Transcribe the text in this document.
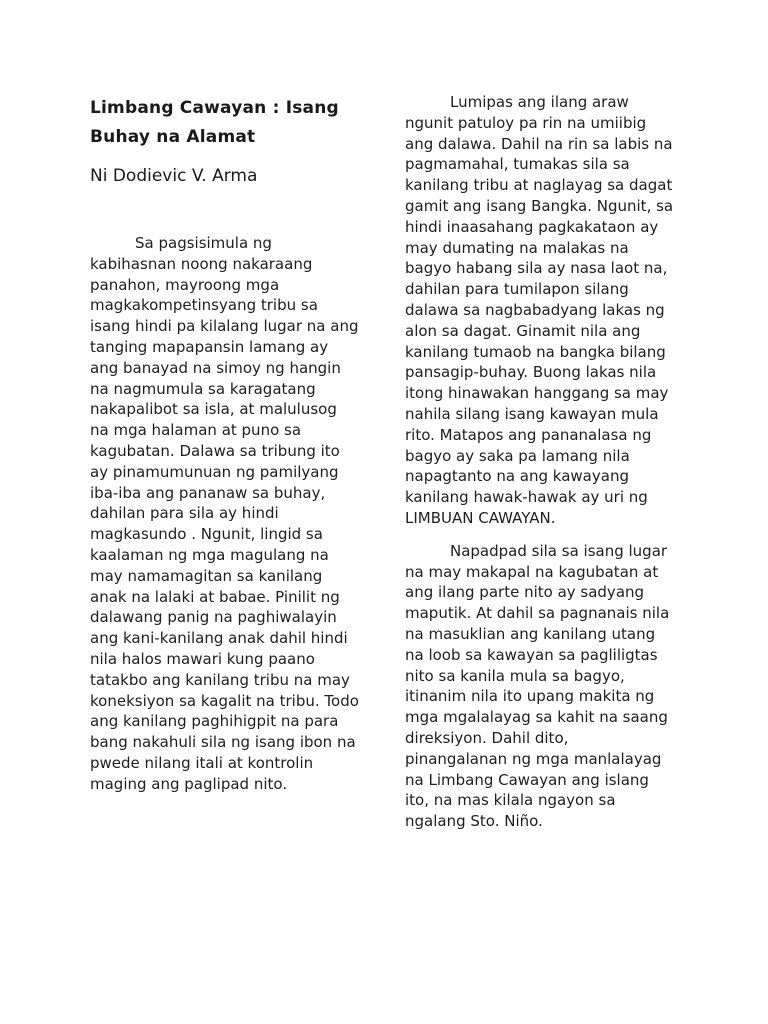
Limbang Cawayan : Isang
Buhay na Alamat

Ni Dodievic V. Arma

Sa pagsisimula ng
kabihasnan noong nakaraang
panahon, mayroong mga
magkakompetinsyang tribu sa
isang hindi pa kilalang lugar na ang
tanging mapapansin lamang ay
ang banayad na simoy ng hangin
na nagmumula sa karagatang
nakapalibot sa isla, at malulusog
na mga halaman at puno sa
kagubatan. Dalawa sa tribung ito
ay pinamumunuan ng pamilyang
iba-iba ang pananaw sa buhay,
dahilan para sila ay hindi
magkasundo . Ngunit, lingid sa
kaalaman ng mga magulang na
may namamagitan sa kanilang
anak na lalaki at babae. Pinilit ng
dalawang panig na paghiwalayin
ang kani-kanilang anak dahil hindi
nila halos mawari kung paano
tatakbo ang kanilang tribu na may
koneksiyon sa kagalit na tribu. Todo
ang kanilang paghihigpit na para
bang nakahuli sila ng isang ibon na
pwede nilang itali at kontrolin
maging ang paglipad nito.

Lumipas ang ilang araw
ngunit patuloy pa rin na umiibig
ang dalawa. Dahil na rin sa labis na
pagmamahal, tumakas sila sa
kanilang tribu at naglayag sa dagat
gamit ang isang Bangka. Ngunit, sa
hindi inaasahang pagkakataon ay
may dumating na malakas na
bagyo habang sila ay nasa laot na,
dahilan para tumilapon silang
dalawa sa nagbabadyang lakas ng
alon sa dagat. Ginamit nila ang
kanilang tumaob na bangka bilang
pansagip-buhay. Buong lakas nila
itong hinawakan hanggang sa may
nahila silang isang kawayan mula
rito. Matapos ang pananalasa ng
bagyo ay saka pa lamang nila
napagtanto na ang kawayang
kanilang hawak-hawak ay uri ng
LIMBUAN CAWAYAN.

Napadpad sila sa isang lugar
na may makapal na kagubatan at
ang ilang parte nito ay sadyang
maputik. At dahil sa pagnanais nila
na masuklian ang kanilang utang
na loob sa kawayan sa pagliligtas
nito sa kanila mula sa bagyo,
itinanim nila ito upang makita ng
mga mgalalayag sa kahit na saang
direksiyon. Dahil dito,
pinangalanan ng mga manlalayag
na Limbang Cawayan ang islang
ito, na mas kilala ngayon sa
ngalang Sto. Niño.
